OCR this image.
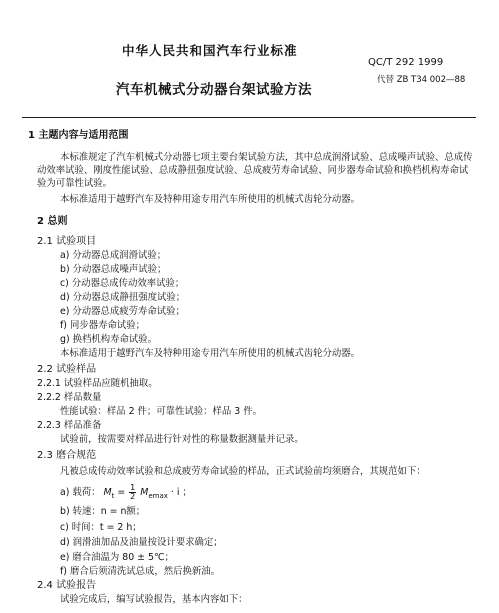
中华人民共和国汽车行业标准
QC/T 292 1999
汽车机械式分动器台架试验方法
代替 ZB T34 002—88
1 主题内容与适用范围
本标准规定了汽车机械式分动器七项主要台架试验方法，其中总成润滑试验、总成噪声试验、总成传
动效率试验、刚度性能试验、总成静扭强度试验、总成疲劳寿命试验、同步器寿命试验和换档机构寿命试
验为可靠性试验。
本标准适用于越野汽车及特种用途专用汽车所使用的机械式齿轮分动器。
2 总则
2.1 试验项目
a) 分动器总成润滑试验；
b) 分动器总成噪声试验；
c) 分动器总成传动效率试验；
d) 分动器总成静扭强度试验；
e) 分动器总成疲劳寿命试验；
f) 同步器寿命试验；
g) 换档机构寿命试验。
本标准适用于越野汽车及特种用途专用汽车所使用的机械式齿轮分动器。
2.2 试验样品
2.2.1 试验样品应随机抽取。
2.2.2 样品数量
性能试验：样品 2 件；可靠性试验：样品 3 件。
2.2.3 样品准备
试验前，按需要对样品进行针对性的称量数据测量并记录。
2.3 磨合规范
凡被总成传动效率试验和总成疲劳寿命试验的样品，正式试验前均须磨合，其规范如下：
a) 载荷： $M_t = \frac{1}{2} M_{emax} \cdot i$ ；
b) 转速：n = n额；
c) 时间：t = 2 h；
d) 润滑油加品及油量按设计要求确定；
e) 磨合油温为 80 ± 5℃；
f) 磨合后须清洗试总成，然后换新油。
2.4 试验报告
试验完成后，编写试验报告，基本内容如下：
